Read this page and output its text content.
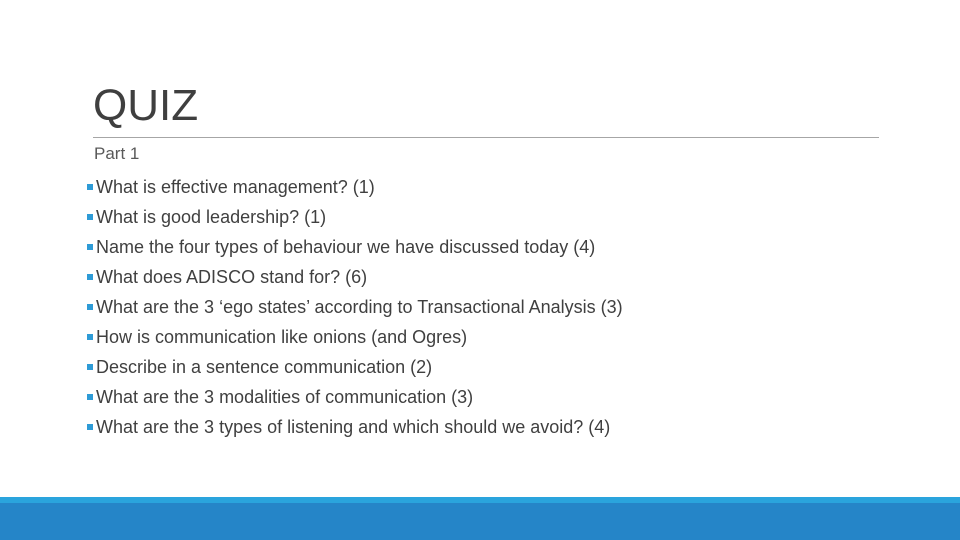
QUIZ
Part 1
What is effective management? (1)
What is good leadership? (1)
Name the four types of behaviour we have discussed today (4)
What does ADISCO stand for? (6)
What are the 3 ‘ego states’ according to Transactional Analysis (3)
How is communication like onions (and Ogres)
Describe in a sentence communication (2)
What are the 3 modalities of communication (3)
What are the 3 types of listening and which should we avoid? (4)
